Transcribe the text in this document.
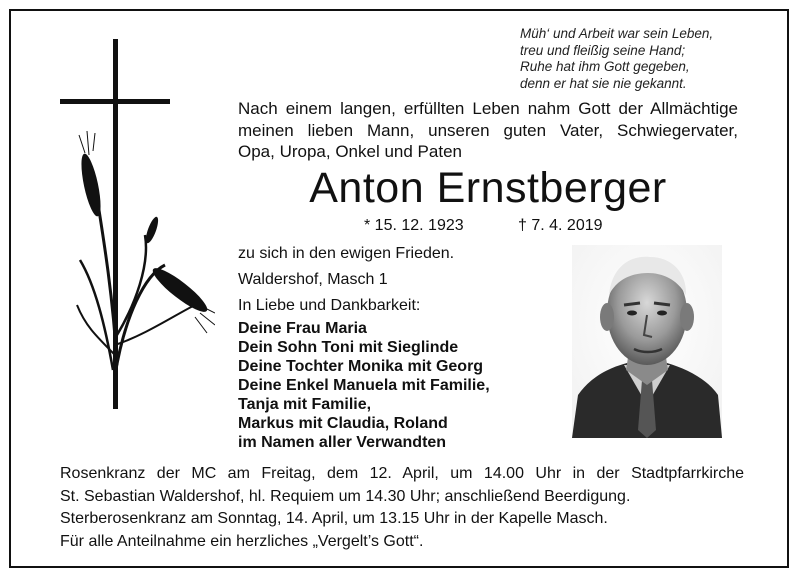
Müh‘ und Arbeit war sein Leben,
treu und fleißig seine Hand;
Ruhe hat ihm Gott gegeben,
denn er hat sie nie gekannt.
Nach einem langen, erfüllten Leben nahm Gott der Allmächtige
meinen lieben Mann, unseren guten Vater, Schwiegervater,
Opa, Uropa, Onkel und Paten
Anton Ernstberger
* 15. 12. 1923	† 7. 4. 2019
zu sich in den ewigen Frieden.
Waldershof, Masch 1
In Liebe und Dankbarkeit:
Deine Frau Maria
Dein Sohn Toni mit Sieglinde
Deine Tochter Monika mit Georg
Deine Enkel Manuela mit Familie,
Tanja mit Familie,
Markus mit Claudia, Roland
im Namen aller Verwandten
Rosenkranz der MC am Freitag, dem 12. April, um 14.00 Uhr in der Stadtpfarrkirche
St. Sebastian Waldershof, hl. Requiem um 14.30 Uhr; anschließend Beerdigung.
Sterberosenkranz am Sonntag, 14. April, um 13.15 Uhr in der Kapelle Masch.
Für alle Anteilnahme ein herzliches „Vergelt’s Gott“.
